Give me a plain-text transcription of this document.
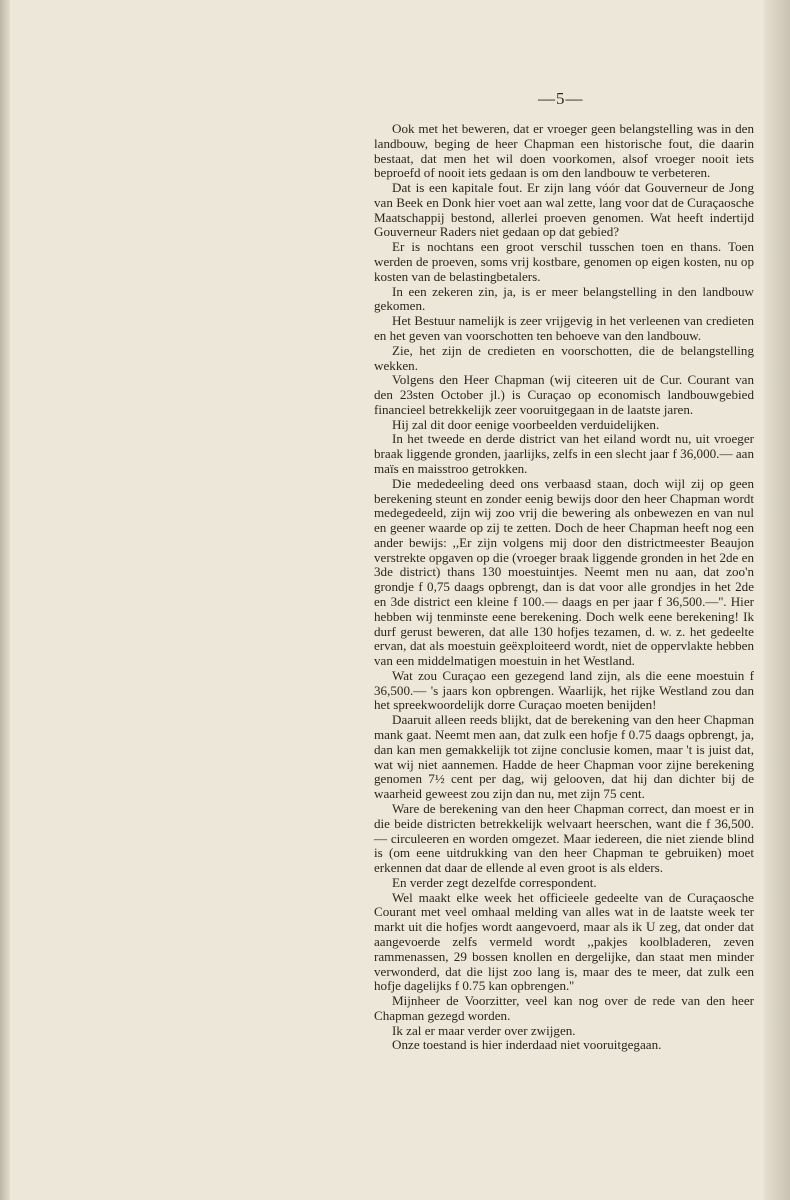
—5—

Ook met het beweren, dat er vroeger geen belangstelling was in den landbouw, beging de heer Chapman een historische fout, die daarin bestaat, dat men het wil doen voorkomen, alsof vroeger nooit iets beproefd of nooit iets gedaan is om den landbouw te verbeteren.

Dat is een kapitale fout. Er zijn lang vóór dat Gouverneur de Jong van Beek en Donk hier voet aan wal zette, lang voor dat de Curaçaosche Maatschappij bestond, allerlei proeven genomen. Wat heeft indertijd Gouverneur Raders niet gedaan op dat gebied?

Er is nochtans een groot verschil tusschen toen en thans. Toen werden de proeven, soms vrij kostbare, genomen op eigen kosten, nu op kosten van de belastingbetalers.

In een zekeren zin, ja, is er meer belangstelling in den landbouw gekomen.

Het Bestuur namelijk is zeer vrijgevig in het verleenen van credieten en het geven van voorschotten ten behoeve van den landbouw.

Zie, het zijn de credieten en voorschotten, die de belangstelling wekken.

Volgens den Heer Chapman (wij citeeren uit de Cur. Courant van den 23sten October jl.) is Curaçao op economisch landbouwgebied financieel betrekkelijk zeer vooruitgegaan in de laatste jaren.

Hij zal dit door eenige voorbeelden verduidelijken.

In het tweede en derde district van het eiland wordt nu, uit vroeger braak liggende gronden, jaarlijks, zelfs in een slecht jaar f 36,000.— aan maïs en maisstroo getrokken.

Die mededeeling deed ons verbaasd staan, doch wijl zij op geen berekening steunt en zonder eenig bewijs door den heer Chapman wordt medegedeeld, zijn wij zoo vrij die bewering als onbewezen en van nul en geener waarde op zij te zetten. Doch de heer Chapman heeft nog een ander bewijs: ,,Er zijn volgens mij door den districtmeester Beaujon verstrekte opgaven op die (vroeger braak liggende gronden in het 2de en 3de district) thans 130 moestuintjes. Neemt men nu aan, dat zoo'n grondje f 0,75 daags opbrengt, dan is dat voor alle grondjes in het 2de en 3de district een kleine f 100.— daags en per jaar f 36,500.—''. Hier hebben wij tenminste eene berekening. Doch welk eene berekening! Ik durf gerust beweren, dat alle 130 hofjes tezamen, d. w. z. het gedeelte ervan, dat als moestuin geëxploiteerd wordt, niet de oppervlakte hebben van een middelmatigen moestuin in het Westland.

Wat zou Curaçao een gezegend land zijn, als die eene moestuin f 36,500.— 's jaars kon opbrengen. Waarlijk, het rijke Westland zou dan het spreekwoordelijk dorre Curaçao moeten benijden!

Daaruit alleen reeds blijkt, dat de berekening van den heer Chapman mank gaat. Neemt men aan, dat zulk een hofje f 0.75 daags opbrengt, ja, dan kan men gemakkelijk tot zijne conclusie komen, maar 't is juist dat, wat wij niet aannemen. Hadde de heer Chapman voor zijne berekening genomen 7½ cent per dag, wij gelooven, dat hij dan dichter bij de waarheid geweest zou zijn dan nu, met zijn 75 cent.

Ware de berekening van den heer Chapman correct, dan moest er in die beide districten betrekkelijk welvaart heerschen, want die f 36,500.— circuleeren en worden omgezet. Maar iedereen, die niet ziende blind is (om eene uitdrukking van den heer Chapman te gebruiken) moet erkennen dat daar de ellende al even groot is als elders.

En verder zegt dezelfde correspondent.

Wel maakt elke week het officieele gedeelte van de Curaçaosche Courant met veel omhaal melding van alles wat in de laatste week ter markt uit die hofjes wordt aangevoerd, maar als ik U zeg, dat onder dat aangevoerde zelfs vermeld wordt ,,pakjes koolbladeren, zeven rammenassen, 29 bossen knollen en dergelijke, dan staat men minder verwonderd, dat die lijst zoo lang is, maar des te meer, dat zulk een hofje dagelijks f 0.75 kan opbrengen.''

Mijnheer de Voorzitter, veel kan nog over de rede van den heer Chapman gezegd worden.

Ik zal er maar verder over zwijgen.

Onze toestand is hier inderdaad niet vooruitgegaan.
